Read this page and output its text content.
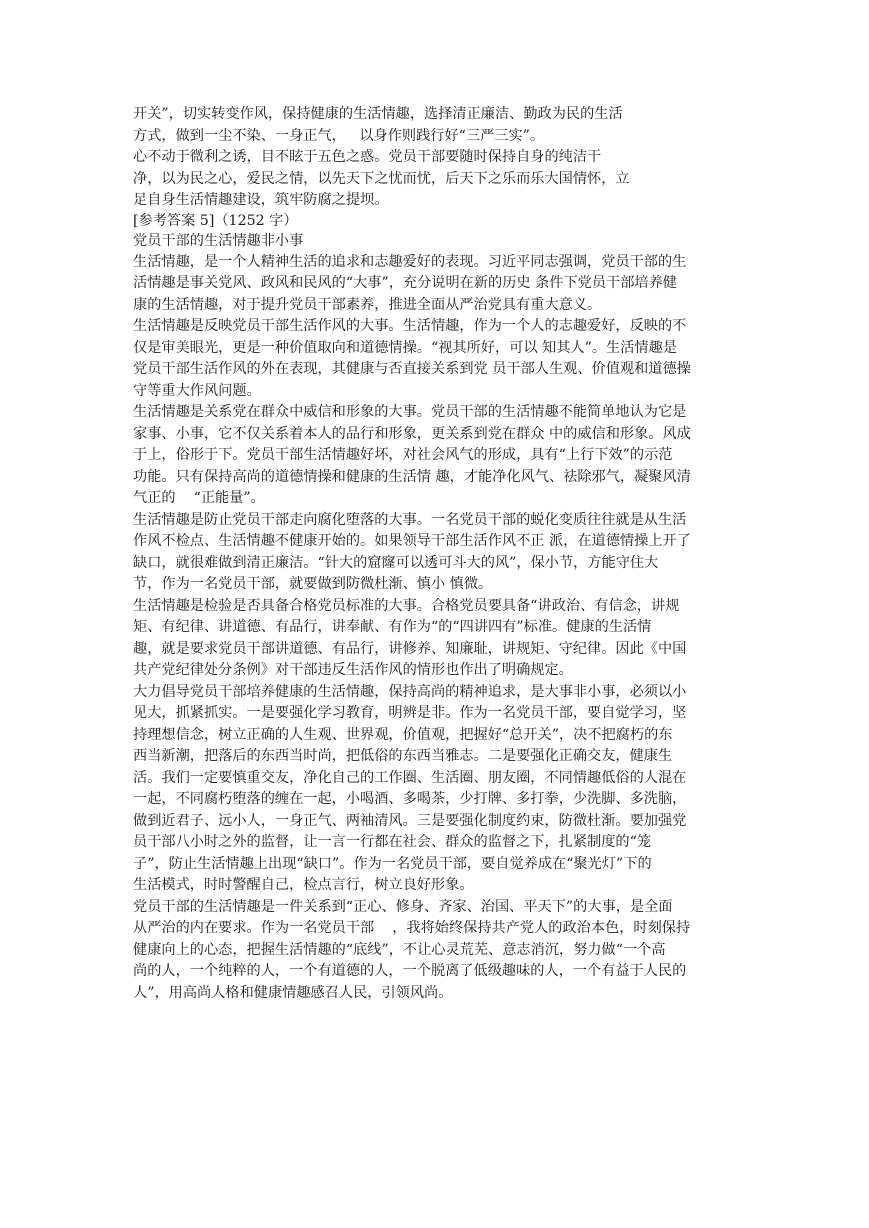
开关”，切实转变作风，保持健康的生活情趣，选择清正廉洁、勤政为民的生活
方式，做到一尘不染、一身正气，   以身作则践行好“三严三实”。
心不动于微利之诱，目不眩于五色之惑。党员干部要随时保持自身的纯洁干
净，以为民之心，爱民之情，以先天下之忧而忧，后天下之乐而乐大国情怀，立
足自身生活情趣建设，筑牢防腐之提坝。
[参考答案 5]（1252 字）
党员干部的生活情趣非小事
生活情趣，是一个人精神生活的追求和志趣爱好的表现。习近平同志强调，党员干部的生
活情趣是事关党风、政风和民风的“大事”，充分说明在新的历史 条件下党员干部培养健
康的生活情趣，对于提升党员干部素养，推进全面从严治党具有重大意义。
生活情趣是反映党员干部生活作风的大事。生活情趣，作为一个人的志趣爱好，反映的不
仅是审美眼光，更是一种价值取向和道德情操。“视其所好，可以 知其人”。生活情趣是
党员干部生活作风的外在表现，其健康与否直接关系到党 员干部人生观、价值观和道德操
守等重大作风问题。
生活情趣是关系党在群众中威信和形象的大事。党员干部的生活情趣不能简单地认为它是
家事、小事，它不仅关系着本人的品行和形象，更关系到党在群众 中的威信和形象。风成
于上，俗形于下。党员干部生活情趣好坏，对社会风气的形成，具有“上行下效”的示范
功能。只有保持高尚的道德情操和健康的生活情 趣，才能净化风气、祛除邪气，凝聚风清
气正的    “正能量”。
生活情趣是防止党员干部走向腐化堕落的大事。一名党员干部的蜕化变质往往就是从生活
作风不检点、生活情趣不健康开始的。如果领导干部生活作风不正 派，在道德情操上开了
缺口，就很难做到清正廉洁。“针大的窟窿可以透可斗大的风”，保小节，方能守住大
节，作为一名党员干部，就要做到防微杜渐、慎小 慎微。
生活情趣是检验是否具备合格党员标准的大事。合格党员要具备“讲政治、有信念，讲规
矩、有纪律、讲道德、有品行，讲奉献、有作为“的“四讲四有”标准。健康的生活情
趣，就是要求党员干部讲道德、有品行，讲修养、知廉耻，讲规矩、守纪律。因此《中国
共产党纪律处分条例》对干部违反生活作风的情形也作出了明确规定。
大力倡导党员干部培养健康的生活情趣，保持高尚的精神追求，是大事非小事，必须以小
见大，抓紧抓实。一是要强化学习教育，明辨是非。作为一名党员干部，要自觉学习，坚
持理想信念，树立正确的人生观、世界观，价值观，把握好“总开关”，决不把腐朽的东
西当新潮，把落后的东西当时尚，把低俗的东西当雅志。二是要强化正确交友，健康生
活。我们一定要慎重交友，净化自己的工作圈、生活圈、朋友圈，不同情趣低俗的人混在
一起，不同腐朽堕落的缠在一起，小喝酒、多喝茶，少打牌、多打拳，少洗脚、多洗脑，
做到近君子、远小人，一身正气、两袖清风。三是要强化制度约束，防微杜渐。要加强党
员干部八小时之外的监督，让一言一行都在社会、群众的监督之下，扎紧制度的“笼
子”，防止生活情趣上出现“缺口”。作为一名党员干部，要自觉养成在“聚光灯”下的
生活模式，时时警醒自己，检点言行，树立良好形象。
党员干部的生活情趣是一件关系到“正心、修身、齐家、治国、平天下”的大事，是全面
从严治的内在要求。作为一名党员干部    ，我将始终保持共产党人的政治本色，时刻保持
健康向上的心态，把握生活情趣的“底线”，不让心灵荒芜、意志消沉，努力做“一个高
尚的人，一个纯粹的人，一个有道德的人，一个脱离了低级趣味的人，一个有益于人民的
人”，用高尚人格和健康情趣感召人民，引领风尚。
